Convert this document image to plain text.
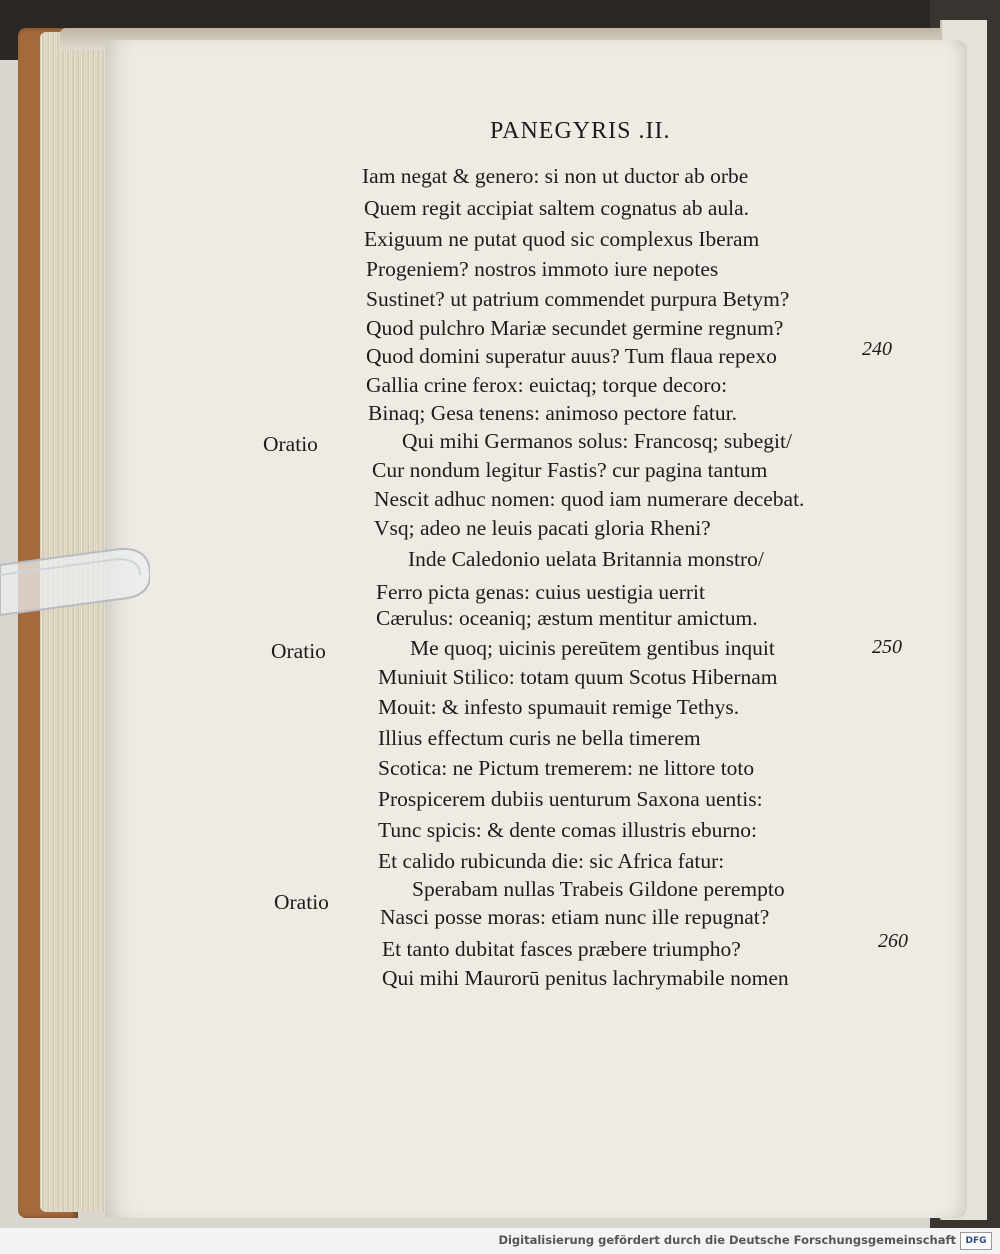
PANEGYRIS .II.
Iam negat & genero: si non ut ductor ab orbe
Quem regit accipiat saltem cognatus ab aula.
Exiguum ne putat quod sic complexus Iberam
Progeniem? nostros immoto iure nepotes
Sustinet? ut patrium commendet purpura Betym?
Quod pulchro Mariæ secundet germine regnum?
Quod domini superatur auus? Tum flaua repexo
Gallia crine ferox: euictaq; torque decoro:
Binaq; Gesa tenens: animoso pectore fatur.
Qui mihi Germanos solus: Francosq; subegit/
Cur nondum legitur Fastis? cur pagina tantum
Nescit adhuc nomen: quod iam numerare decebat.
Vsq; adeo ne leuis pacati gloria Rheni?
Inde Caledonio uelata Britannia monstro/
Ferro picta genas: cuius uestigia uerrit
Cærulus: oceaniq; æstum mentitur amictum.
Me quoq; uicinis pereūtem gentibus inquit
Muniuit Stilico: totam quum Scotus Hibernam
Mouit: & infesto spumauit remige Tethys.
Illius effectum curis ne bella timerem
Scotica: ne Pictum tremerem: ne littore toto
Prospicerem dubiis uenturum Saxona uentis:
Tunc spicis: & dente comas illustris eburno:
Et calido rubicunda die: sic Africa fatur:
Sperabam nullas Trabeis Gildone perempto
Nasci posse moras: etiam nunc ille repugnat?
Et tanto dubitat fasces præbere triumpho?
Qui mihi Maurorū penitus lachrymabile nomen
Oratio
Oratio
Oratio
240
250
260
Digitalisierung gefördert durch die Deutsche Forschungsgemeinschaft	DFG
